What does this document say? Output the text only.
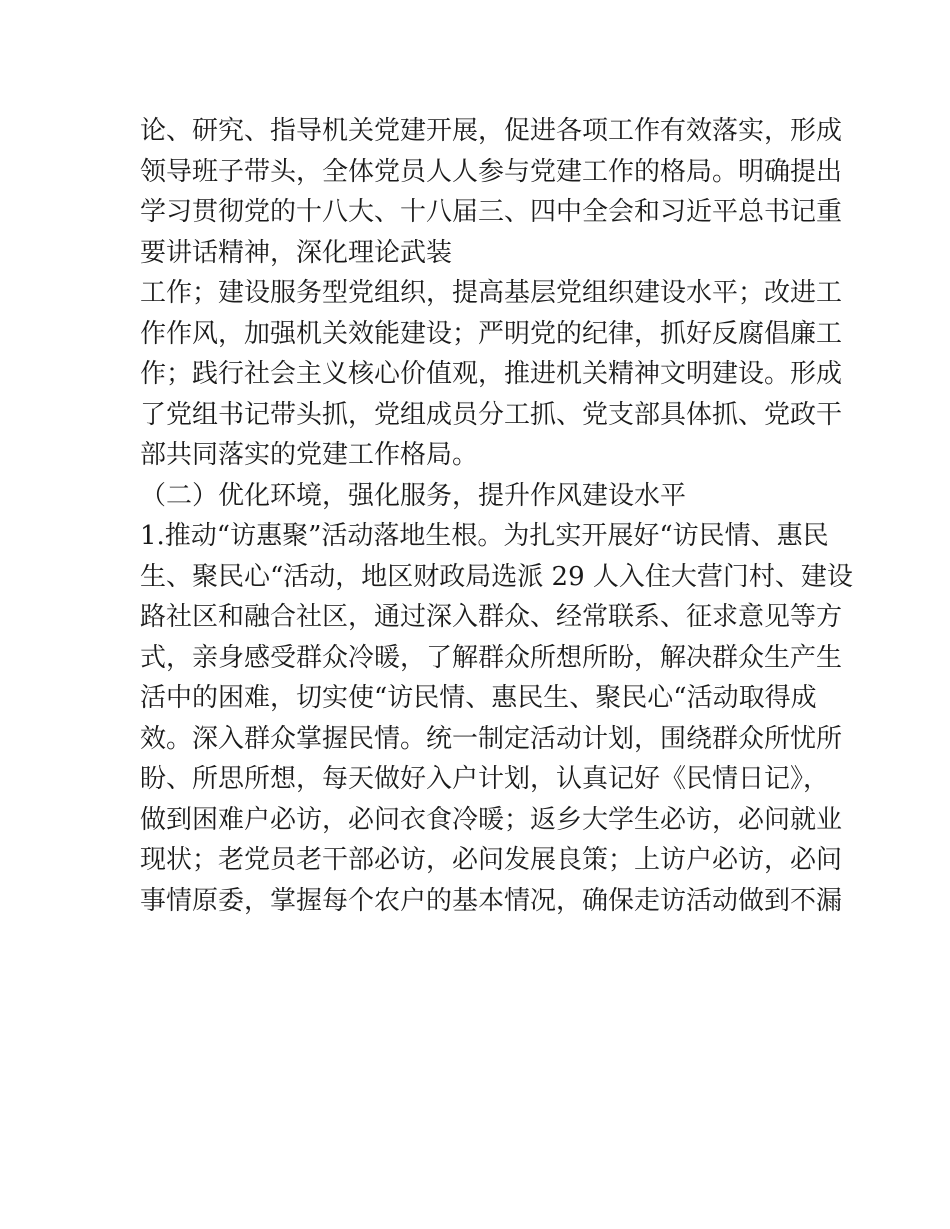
论、研究、指导机关党建开展，促进各项工作有效落实，形成

领导班子带头，全体党员人人参与党建工作的格局。明确提出

学习贯彻党的十八大、十八届三、四中全会和习近平总书记重

要讲话精神，深化理论武装

工作；建设服务型党组织，提高基层党组织建设水平；改进工

作作风，加强机关效能建设；严明党的纪律，抓好反腐倡廉工

作；践行社会主义核心价值观，推进机关精神文明建设。形成

了党组书记带头抓，党组成员分工抓、党支部具体抓、党政干

部共同落实的党建工作格局。

（二）优化环境，强化服务，提升作风建设水平

1.推动“访惠聚”活动落地生根。为扎实开展好“访民情、惠民

生、聚民心“活动，地区财政局选派 29 人入住大营门村、建设

路社区和融合社区，通过深入群众、经常联系、征求意见等方

式，亲身感受群众冷暖，了解群众所想所盼，解决群众生产生

活中的困难，切实使“访民情、惠民生、聚民心“活动取得成

效。深入群众掌握民情。统一制定活动计划，围绕群众所忧所

盼、所思所想，每天做好入户计划，认真记好《民情日记》，

做到困难户必访，必问衣食冷暖；返乡大学生必访，必问就业

现状；老党员老干部必访，必问发展良策；上访户必访，必问

事情原委，掌握每个农户的基本情况，确保走访活动做到不漏
